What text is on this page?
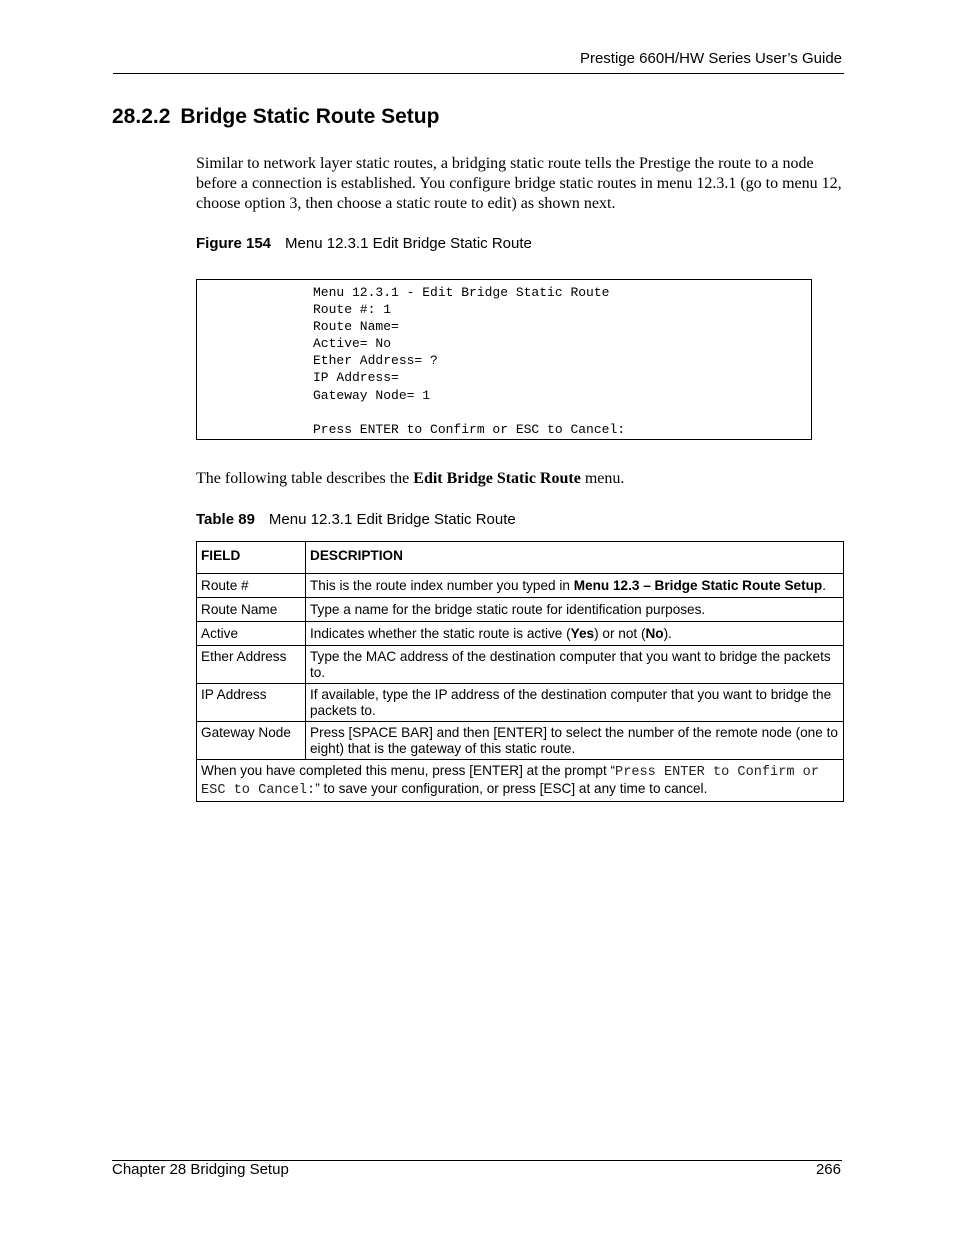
Prestige 660H/HW Series User’s Guide
28.2.2 Bridge Static Route Setup
Similar to network layer static routes, a bridging static route tells the Prestige the route to a node before a connection is established. You configure bridge static routes in menu 12.3.1 (go to menu 12, choose option 3, then choose a static route to edit) as shown next.
Figure 154 Menu 12.3.1 Edit Bridge Static Route
Menu 12.3.1 - Edit Bridge Static Route
Route #: 1
Route Name=
Active= No
Ether Address= ?
IP Address=
Gateway Node= 1
Press ENTER to Confirm or ESC to Cancel:
The following table describes the Edit Bridge Static Route menu.
Table 89 Menu 12.3.1 Edit Bridge Static Route
FIELD	DESCRIPTION
Route #	This is the route index number you typed in Menu 12.3 – Bridge Static Route Setup.
Route Name	Type a name for the bridge static route for identification purposes.
Active	Indicates whether the static route is active (Yes) or not (No).
Ether Address	Type the MAC address of the destination computer that you want to bridge the packets to.
IP Address	If available, type the IP address of the destination computer that you want to bridge the packets to.
Gateway Node	Press [SPACE BAR] and then [ENTER] to select the number of the remote node (one to eight) that is the gateway of this static route.
When you have completed this menu, press [ENTER] at the prompt “Press ENTER to Confirm or ESC to Cancel:” to save your configuration, or press [ESC] at any time to cancel.	
Chapter 28 Bridging Setup	266
